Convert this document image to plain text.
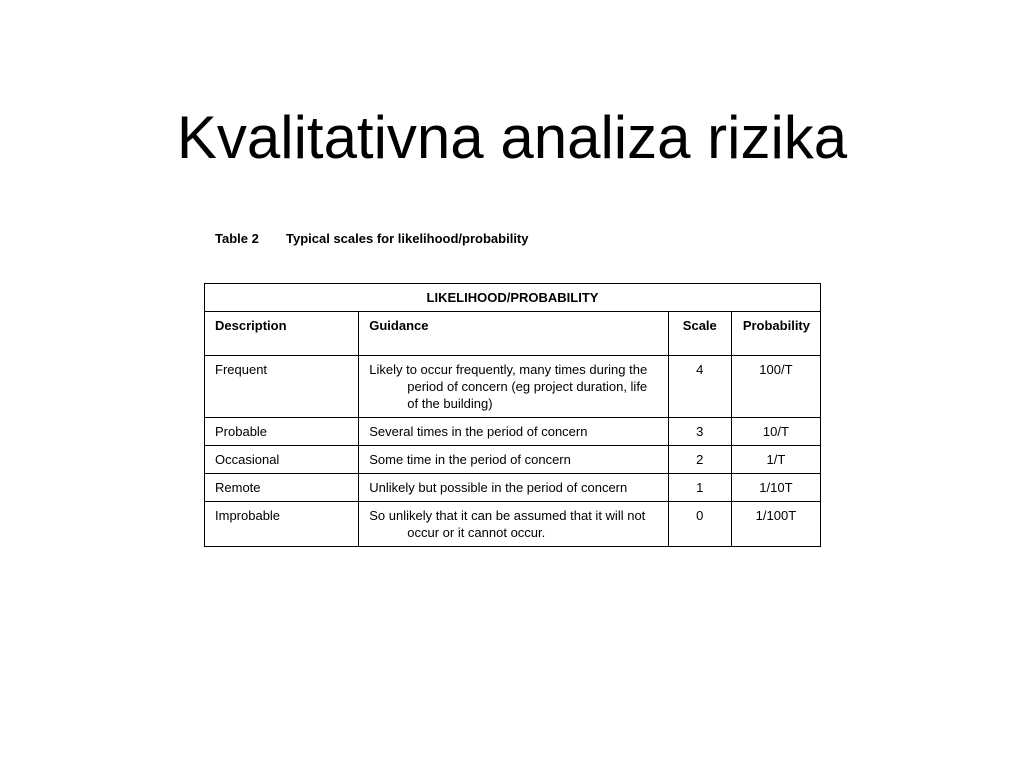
Kvalitativna analiza rizika
Table 2 Typical scales for likelihood/probability
LIKELIHOOD/PROBABILITY			
Description	Guidance	Scale	Probability
Frequent	Likely to occur frequently, many times during the period of concern (eg project duration, life of the building)	4	100/T
Probable	Several times in the period of concern	3	10/T
Occasional	Some time in the period of concern	2	1/T
Remote	Unlikely but possible in the period of concern	1	1/10T
Improbable	So unlikely that it can be assumed that it will not occur or it cannot occur.	0	1/100T
